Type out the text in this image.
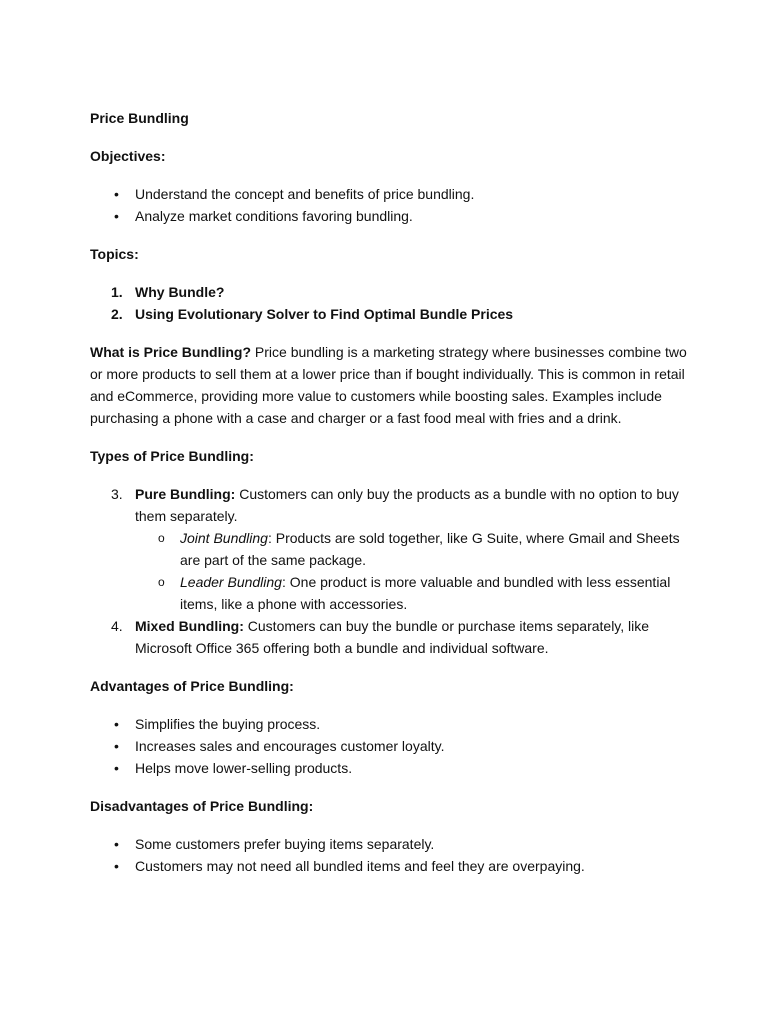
Price Bundling

Objectives:

• Understand the concept and benefits of price bundling.
• Analyze market conditions favoring bundling.

Topics:

1. Why Bundle?
2. Using Evolutionary Solver to Find Optimal Bundle Prices

What is Price Bundling? Price bundling is a marketing strategy where businesses combine two or more products to sell them at a lower price than if bought individually. This is common in retail and eCommerce, providing more value to customers while boosting sales. Examples include purchasing a phone with a case and charger or a fast food meal with fries and a drink.

Types of Price Bundling:

3. Pure Bundling: Customers can only buy the products as a bundle with no option to buy them separately.
o Joint Bundling: Products are sold together, like G Suite, where Gmail and Sheets are part of the same package.
o Leader Bundling: One product is more valuable and bundled with less essential items, like a phone with accessories.
4. Mixed Bundling: Customers can buy the bundle or purchase items separately, like Microsoft Office 365 offering both a bundle and individual software.

Advantages of Price Bundling:

• Simplifies the buying process.
• Increases sales and encourages customer loyalty.
• Helps move lower-selling products.

Disadvantages of Price Bundling:

• Some customers prefer buying items separately.
• Customers may not need all bundled items and feel they are overpaying.
